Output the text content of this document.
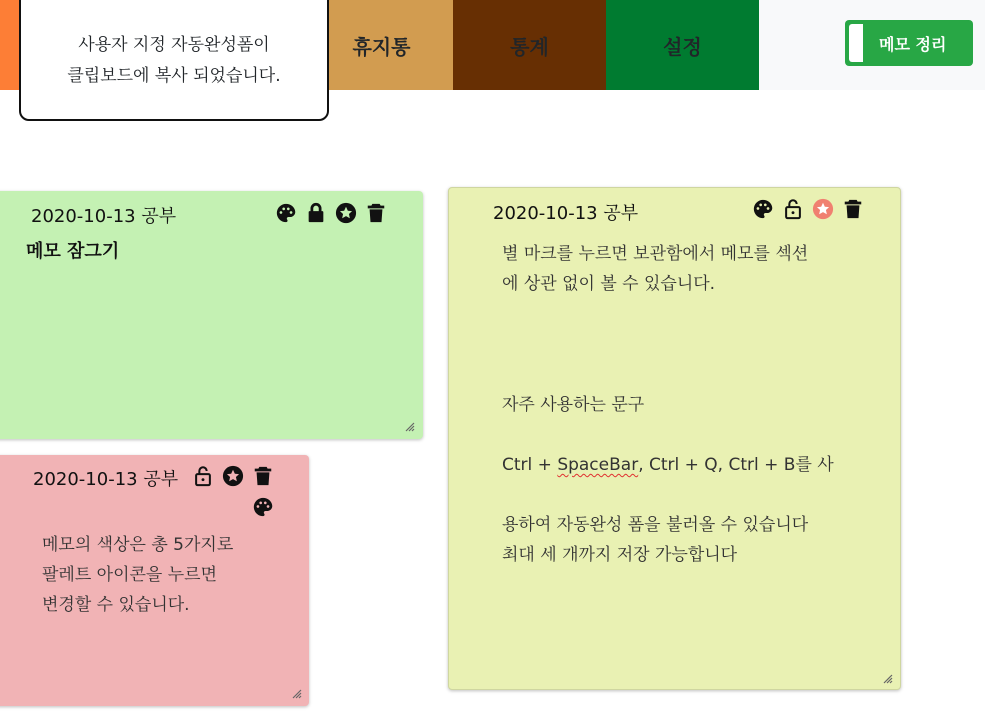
휴지통	통계	설정	메모 정리
사용자 지정 자동완성폼이
클립보드에 복사 되었습니다.
2020-10-13 공부
메모 잠그기
2020-10-13 공부
별 마크를 누르면 보관함에서 메모를 섹션
에 상관 없이 볼 수 있습니다.

자주 사용하는 문구

Ctrl + SpaceBar, Ctrl + Q, Ctrl + B를 사

용하여 자동완성 폼을 불러올 수 있습니다
최대 세 개까지 저장 가능합니다

2020-10-13 공부
메모의 색상은 총 5가지로
팔레트 아이콘을 누르면
변경할 수 있습니다.
